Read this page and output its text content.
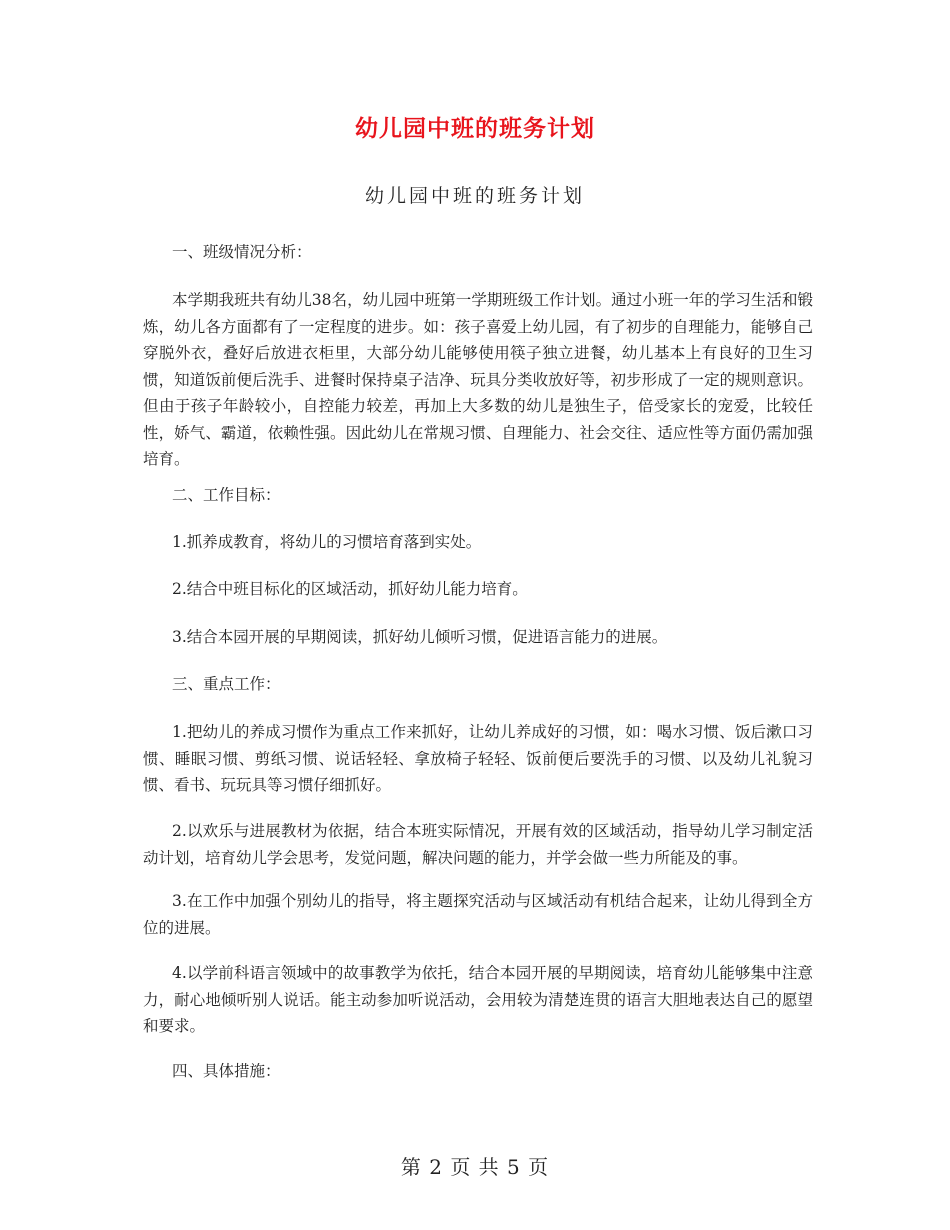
幼儿园中班的班务计划
幼儿园中班的班务计划
一、班级情况分析：
本学期我班共有幼儿38名，幼儿园中班第一学期班级工作计划。通过小班一年的学习生活和锻炼，幼儿各方面都有了一定程度的进步。如：孩子喜爱上幼儿园，有了初步的自理能力，能够自己穿脱外衣，叠好后放进衣柜里，大部分幼儿能够使用筷子独立进餐，幼儿基本上有良好的卫生习惯，知道饭前便后洗手、进餐时保持桌子洁净、玩具分类收放好等，初步形成了一定的规则意识。但由于孩子年龄较小，自控能力较差，再加上大多数的幼儿是独生子，倍受家长的宠爱，比较任性，娇气、霸道，依赖性强。因此幼儿在常规习惯、自理能力、社会交往、适应性等方面仍需加强培育。
二、工作目标：
1.抓养成教育，将幼儿的习惯培育落到实处。
2.结合中班目标化的区域活动，抓好幼儿能力培育。
3.结合本园开展的早期阅读，抓好幼儿倾听习惯，促进语言能力的进展。
三、重点工作：
1.把幼儿的养成习惯作为重点工作来抓好，让幼儿养成好的习惯，如：喝水习惯、饭后漱口习惯、睡眠习惯、剪纸习惯、说话轻轻、拿放椅子轻轻、饭前便后要洗手的习惯、以及幼儿礼貌习惯、看书、玩玩具等习惯仔细抓好。
2.以欢乐与进展教材为依据，结合本班实际情况，开展有效的区域活动，指导幼儿学习制定活动计划，培育幼儿学会思考，发觉问题，解决问题的能力，并学会做一些力所能及的事。
3.在工作中加强个别幼儿的指导，将主题探究活动与区域活动有机结合起来，让幼儿得到全方位的进展。
4.以学前科语言领域中的故事教学为依托，结合本园开展的早期阅读，培育幼儿能够集中注意力，耐心地倾听别人说话。能主动参加听说活动，会用较为清楚连贯的语言大胆地表达自己的愿望和要求。
四、具体措施：
第 2 页 共 5 页
